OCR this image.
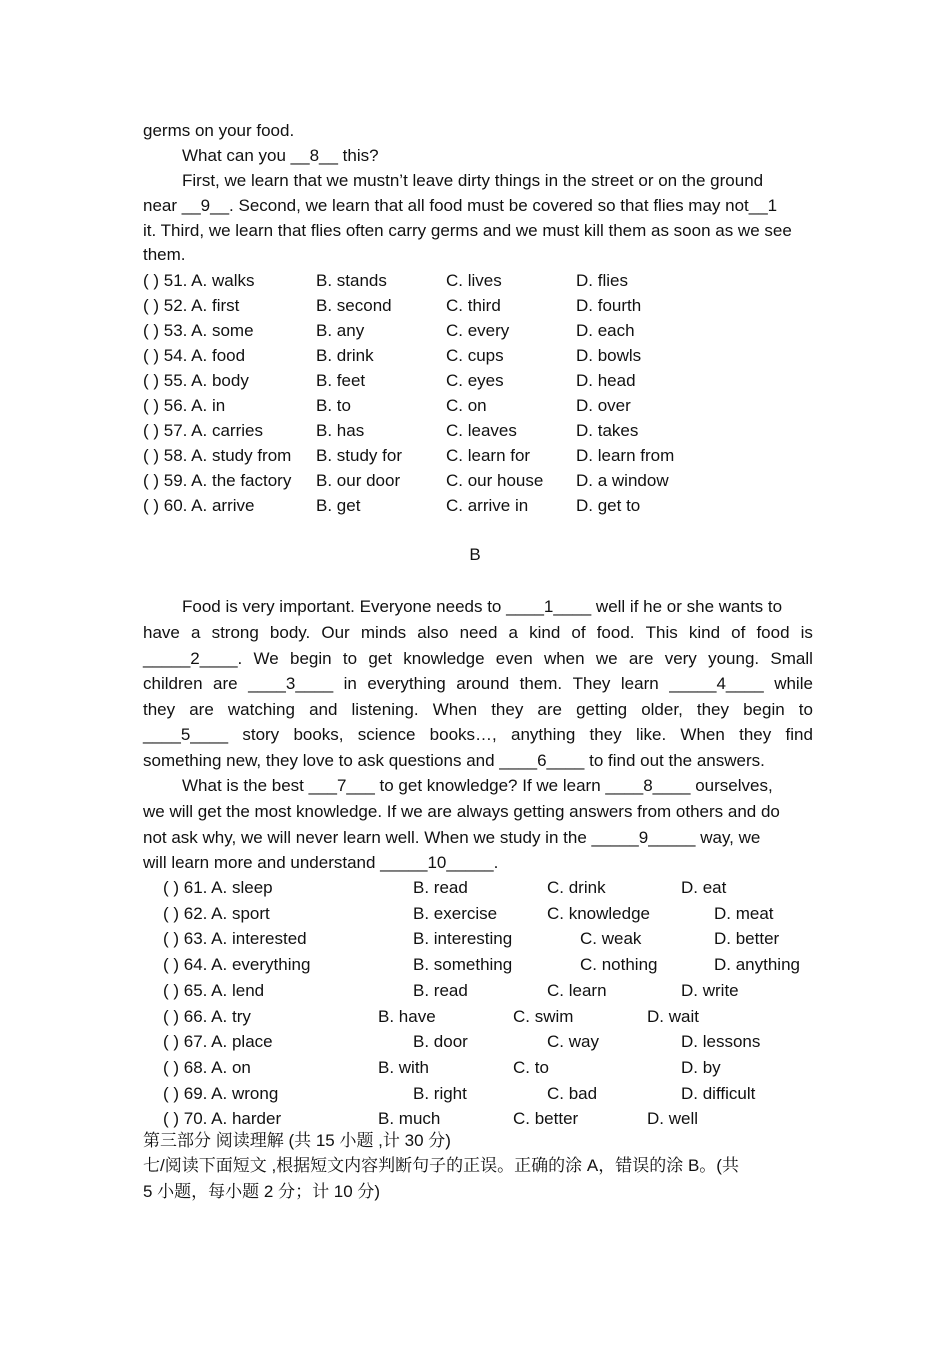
germs on your food.
What can you __8__ this?
First, we learn that we mustn’t leave dirty things in the street or on the ground
near __9__. Second, we learn that all food must be covered so that flies may not__1
it. Third, we learn that flies often carry germs and we must kill them as soon as we see
them.
( ) 51. A. walks	B. stands	C. lives	D. flies
( ) 52. A. first	B. second	C. third	D. fourth
( ) 53. A. some	B. any	C. every	D. each
( ) 54. A. food	B. drink	C. cups	D. bowls
( ) 55. A. body	B. feet	C. eyes	D. head
( ) 56. A. in	B. to	C. on	D. over
( ) 57. A. carries	B. has	C. leaves	D. takes
( ) 58. A. study from B. study for	C. learn for	D. learn from
( ) 59. A. the factory B. our door	C. our house D. a window
( ) 60. A. arrive	B. get	C. arrive in	D. get to
B
Food is very important. Everyone needs to ____1____ well if he or she wants to
have a strong body. Our minds also need a kind of food. This kind of food is
_____2____. We begin to get knowledge even when we are very young. Small
children are ____3____ in everything around them. They learn _____4____ while
they are watching and listening. When they are getting older, they begin to
____5____ story books, science books…, anything they like. When they find
something new, they love to ask questions and ____6____ to find out the answers.
What is the best ___7___ to get knowledge? If we learn ____8____ ourselves,
we will get the most knowledge. If we are always getting answers from others and do
not ask why, we will never learn well. When we study in the _____9_____ way, we
will learn more and understand _____10_____.
( ) 61. A. sleep	B. read	C. drink	D. eat
( ) 62. A. sport	B. exercise	C. knowledge	D. meat
( ) 63. A. interested	B. interesting	C. weak	D. better
( ) 64. A. everything	B. something	C. nothing	D. anything
( ) 65. A. lend	B. read	C. learn	D. write
( ) 66. A. try	B. have	C. swim	D. wait
( ) 67. A. place	B. door	C. way	D. lessons
( ) 68. A. on	B. with	C. to	D. by
( ) 69. A. wrong	B. right	C. bad	D. difficult
( ) 70. A. harder	B. much	C. better	D. well
第三部分 阅读理解 (共 15 小题 ,计 30 分)
七/阅读下面短文 ,根据短文内容判断句子的正误。正确的涂 A，错误的涂 B。(共
5 小题，每小题 2 分；计 10 分)
